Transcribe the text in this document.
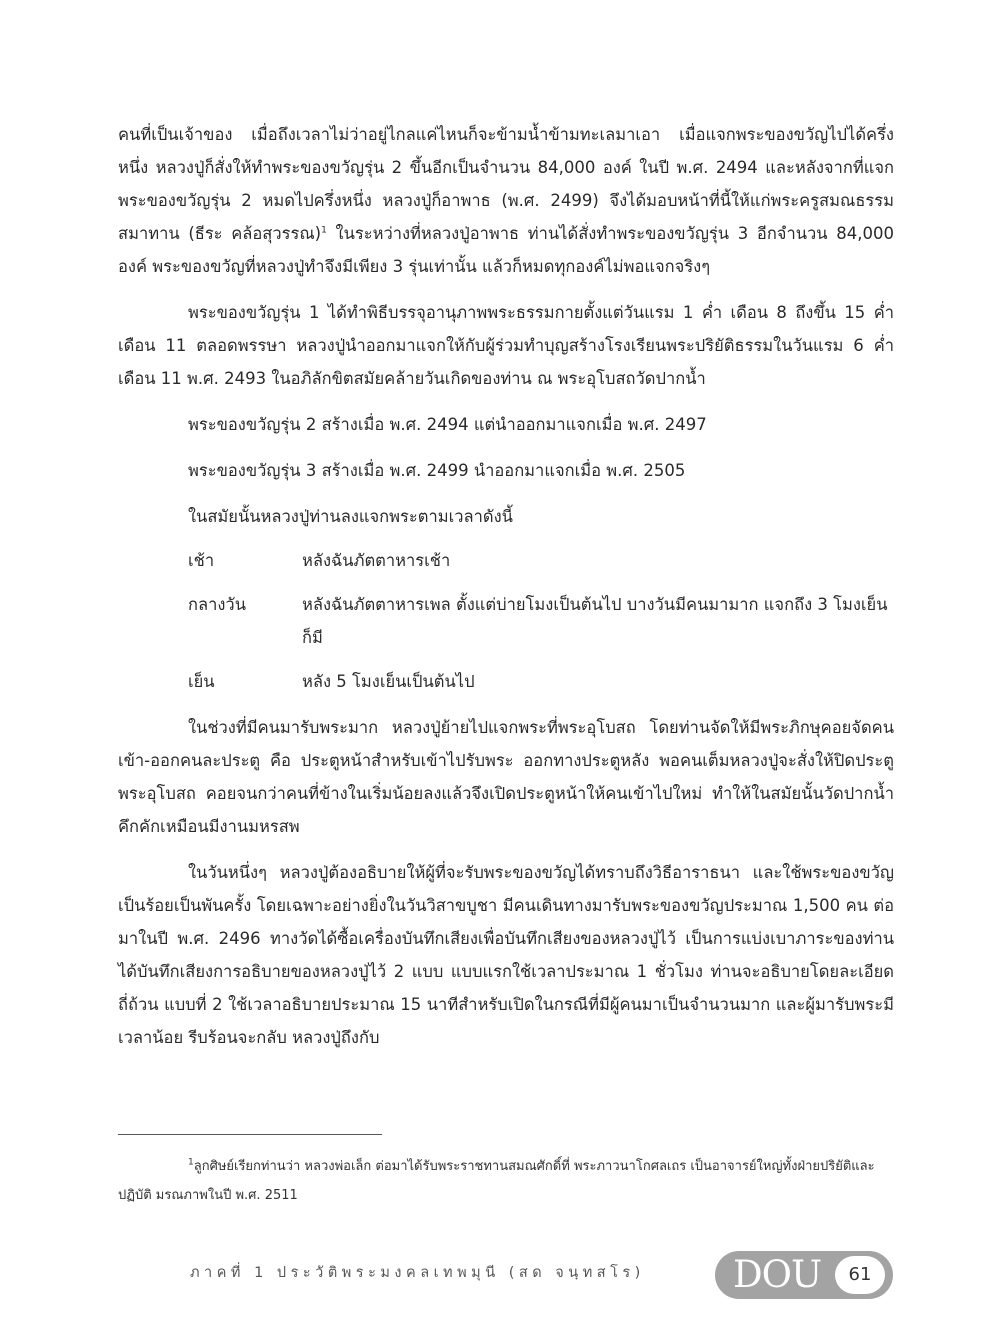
คนที่เป็นเจ้าของ เมื่อถึงเวลาไม่ว่าอยู่ไกลแค่ไหนก็จะข้ามน้ำข้ามทะเลมาเอา เมื่อแจกพระของขวัญไปได้ครึ่งหนึ่ง หลวงปู่ก็สั่งให้ทำพระของขวัญรุ่น 2 ขึ้นอีกเป็นจำนวน 84,000 องค์ ในปี พ.ศ. 2494 และหลังจากที่แจกพระของขวัญรุ่น 2 หมดไปครึ่งหนึ่ง หลวงปู่ก็อาพาธ (พ.ศ. 2499) จึงได้มอบหน้าที่นี้ให้แก่พระครูสมณธรรมสมาทาน (ธีระ คล้อสุวรรณ)$^1$ ในระหว่างที่หลวงปู่อาพาธ ท่านได้สั่งทำพระของขวัญรุ่น 3 อีกจำนวน 84,000 องค์ พระของขวัญที่หลวงปู่ทำจึงมีเพียง 3 รุ่นเท่านั้น แล้วก็หมดทุกองค์ไม่พอแจกจริงๆ

พระของขวัญรุ่น 1 ได้ทำพิธีบรรจุอานุภาพพระธรรมกายตั้งแต่วันแรม 1 ค่ำ เดือน 8 ถึงขึ้น 15 ค่ำ เดือน 11 ตลอดพรรษา หลวงปู่นำออกมาแจกให้กับผู้ร่วมทำบุญสร้างโรงเรียนพระปริยัติธรรมในวันแรม 6 ค่ำ เดือน 11 พ.ศ. 2493 ในอภิลักขิตสมัยคล้ายวันเกิดของท่าน ณ พระอุโบสถวัดปากน้ำ

พระของขวัญรุ่น 2 สร้างเมื่อ พ.ศ. 2494 แต่นำออกมาแจกเมื่อ พ.ศ. 2497

พระของขวัญรุ่น 3 สร้างเมื่อ พ.ศ. 2499 นำออกมาแจกเมื่อ พ.ศ. 2505

ในสมัยนั้นหลวงปู่ท่านลงแจกพระตามเวลาดังนี้

เช้า	หลังฉันภัตตาหารเช้า
กลางวัน	หลังฉันภัตตาหารเพล ตั้งแต่บ่ายโมงเป็นต้นไป บางวันมีคนมามาก แจกถึง 3 โมงเย็นก็มี
เย็น	หลัง 5 โมงเย็นเป็นต้นไป

ในช่วงที่มีคนมารับพระมาก หลวงปู่ย้ายไปแจกพระที่พระอุโบสถ โดยท่านจัดให้มีพระภิกษุคอยจัดคนเข้า-ออกคนละประตู คือ ประตูหน้าสำหรับเข้าไปรับพระ ออกทางประตูหลัง พอคนเต็มหลวงปู่จะสั่งให้ปิดประตูพระอุโบสถ คอยจนกว่าคนที่ข้างในเริ่มน้อยลงแล้วจึงเปิดประตูหน้าให้คนเข้าไปใหม่ ทำให้ในสมัยนั้นวัดปากน้ำคึกคักเหมือนมีงานมหรสพ

ในวันหนึ่งๆ หลวงปู่ต้องอธิบายให้ผู้ที่จะรับพระของขวัญได้ทราบถึงวิธีอาราธนา และใช้พระของขวัญเป็นร้อยเป็นพันครั้ง โดยเฉพาะอย่างยิ่งในวันวิสาขบูชา มีคนเดินทางมารับพระของขวัญประมาณ 1,500 คน ต่อมาในปี พ.ศ. 2496 ทางวัดได้ซื้อเครื่องบันทึกเสียงเพื่อบันทึกเสียงของหลวงปู่ไว้ เป็นการแบ่งเบาภาระของท่าน ได้บันทึกเสียงการอธิบายของหลวงปู่ไว้ 2 แบบ แบบแรกใช้เวลาประมาณ 1 ชั่วโมง ท่านจะอธิบายโดยละเอียดถี่ถ้วน แบบที่ 2 ใช้เวลาอธิบายประมาณ 15 นาทีสำหรับเปิดในกรณีที่มีผู้คนมาเป็นจำนวนมาก และผู้มารับพระมีเวลาน้อย รีบร้อนจะกลับ หลวงปู่ถึงกับ

$^1$ลูกศิษย์เรียกท่านว่า หลวงพ่อเล็ก ต่อมาได้รับพระราชทานสมณศักดิ์ที่ พระภาวนาโกศลเถร เป็นอาจารย์ใหญ่ทั้งฝ่ายปริยัติและปฏิบัติ มรณภาพในปี พ.ศ. 2511

ภาคที่ 1 ประวัติพระมงคลเทพมุนี (สด จนฺทสโร) DOU	61
